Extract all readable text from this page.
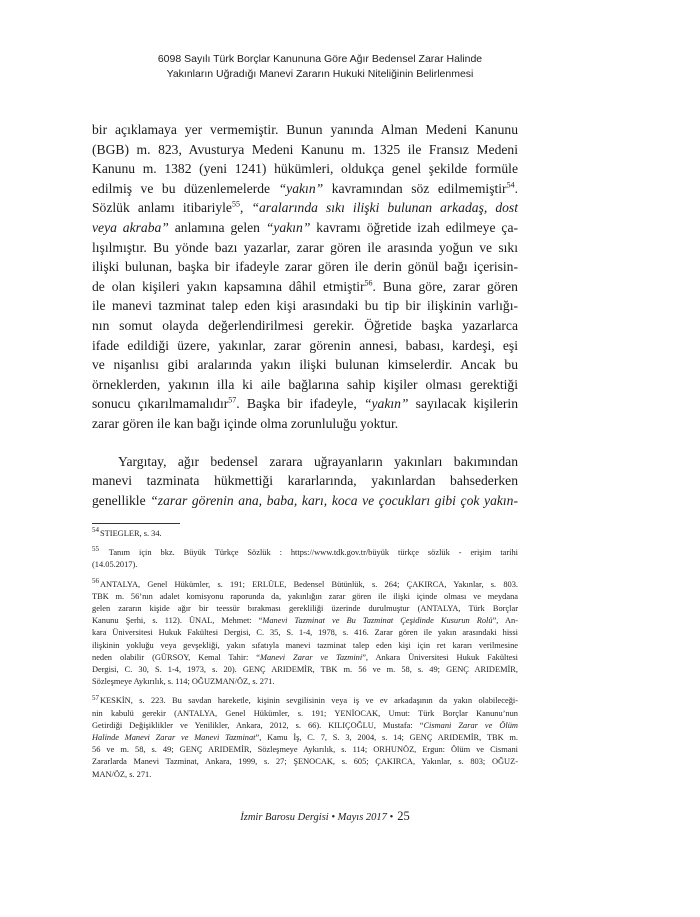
6098 Sayılı Türk Borçlar Kanununa Göre Ağır Bedensel Zarar Halinde
Yakınların Uğradığı Manevi Zararın Hukuki Niteliğinin Belirlenmesi

bir açıklamaya yer vermemiştir. Bunun yanında Alman Medeni Kanunu
(BGB) m. 823, Avusturya Medeni Kanunu m. 1325 ile Fransız Medeni
Kanunu m. 1382 (yeni 1241) hükümleri, oldukça genel şekilde formüle
edilmiş ve bu düzenlemelerde “yakın” kavramından söz edilmemiştir$^{54}$.
Sözlük anlamı itibariyle$^{55}$, “aralarında sıkı ilişki bulunan arkadaş, dost
veya akraba” anlamına gelen “yakın” kavramı öğretide izah edilmeye ça-
lışılmıştır. Bu yönde bazı yazarlar, zarar gören ile arasında yoğun ve sıkı
ilişki bulunan, başka bir ifadeyle zarar gören ile derin gönül bağı içerisin-
de olan kişileri yakın kapsamına dâhil etmiştir$^{56}$. Buna göre, zarar gören
ile manevi tazminat talep eden kişi arasındaki bu tip bir ilişkinin varlığı-
nın somut olayda değerlendirilmesi gerekir. Öğretide başka yazarlarca
ifade edildiği üzere, yakınlar, zarar görenin annesi, babası, kardeşi, eşi
ve nişanlısı gibi aralarında yakın ilişki bulunan kimselerdir. Ancak bu
örneklerden, yakının illa ki aile bağlarına sahip kişiler olması gerektiği
sonucu çıkarılmamalıdır$^{57}$. Başka bir ifadeyle, “yakın” sayılacak kişilerin
zarar gören ile kan bağı içinde olma zorunluluğu yoktur.

Yargıtay, ağır bedensel zarara uğrayanların yakınları bakımından
manevi tazminata hükmettiği kararlarında, yakınlardan bahsederken
genellikle “zarar görenin ana, baba, karı, koca ve çocukları gibi çok yakın-

$^{54}$STIEGLER, s. 34.
$^{55}$ Tanım için bkz. Büyük Türkçe Sözlük : https://www.tdk.gov.tr/büyük türkçe sözlük - erişim tarihi
(14.05.2017).
$^{56}$ANTALYA, Genel Hükümler, s. 191; ERLÜLE, Bedensel Bütünlük, s. 264; ÇAKIRCA, Yakınlar, s. 803.
TBK m. 56’nın adalet komisyonu raporunda da, yakınlığın zarar gören ile ilişki içinde olması ve meydana
gelen zararın kişide ağır bir teessür bırakması gerekliliği üzerinde durulmuştur (ANTALYA, Türk Borçlar
Kanunu Şerhi, s. 112). ÜNAL, Mehmet: “Manevi Tazminat ve Bu Tazminat Çeşidinde Kusurun Rolü”, An-
kara Üniversitesi Hukuk Fakültesi Dergisi, C. 35, S. 1-4, 1978, s. 416. Zarar gören ile yakın arasındaki hissi
ilişkinin yokluğu veya gevşekliği, yakın sıfatıyla manevi tazminat talep eden kişi için ret kararı verilmesine
neden olabilir (GÜRSOY, Kemal Tahir: “Manevi Zarar ve Tazmini”, Ankara Üniversitesi Hukuk Fakültesi
Dergisi, C. 30, S. 1-4, 1973, s. 20). GENÇ ARIDEMİR, TBK m. 56 ve m. 58, s. 49; GENÇ ARIDEMİR,
Sözleşmeye Aykırılık, s. 114; OĞUZMAN/ÖZ, s. 271.
$^{57}$KESKİN, s. 223. Bu savdan hareketle, kişinin sevgilisinin veya iş ve ev arkadaşının da yakın olabileceği-
nin kabulü gerekir (ANTALYA, Genel Hükümler, s. 191; YENİOCAK, Umut: Türk Borçlar Kanunu’nun
Getirdiği Değişiklikler ve Yenilikler, Ankara, 2012, s. 66). KILIÇOĞLU, Mustafa: “Cismani Zarar ve Ölüm
Halinde Manevi Zarar ve Manevi Tazminat”, Kamu İş, C. 7, S. 3, 2004, s. 14; GENÇ ARIDEMİR, TBK m.
56 ve m. 58, s. 49; GENÇ ARIDEMİR, Sözleşmeye Aykırılık, s. 114; ORHUNÖZ, Ergun: Ölüm ve Cismani
Zararlarda Manevi Tazminat, Ankara, 1999, s. 27; ŞENOCAK, s. 605; ÇAKIRCA, Yakınlar, s. 803; OĞUZ-
MAN/ÖZ, s. 271.
İzmir Barosu Dergisi • Mayıs 2017 • 25
